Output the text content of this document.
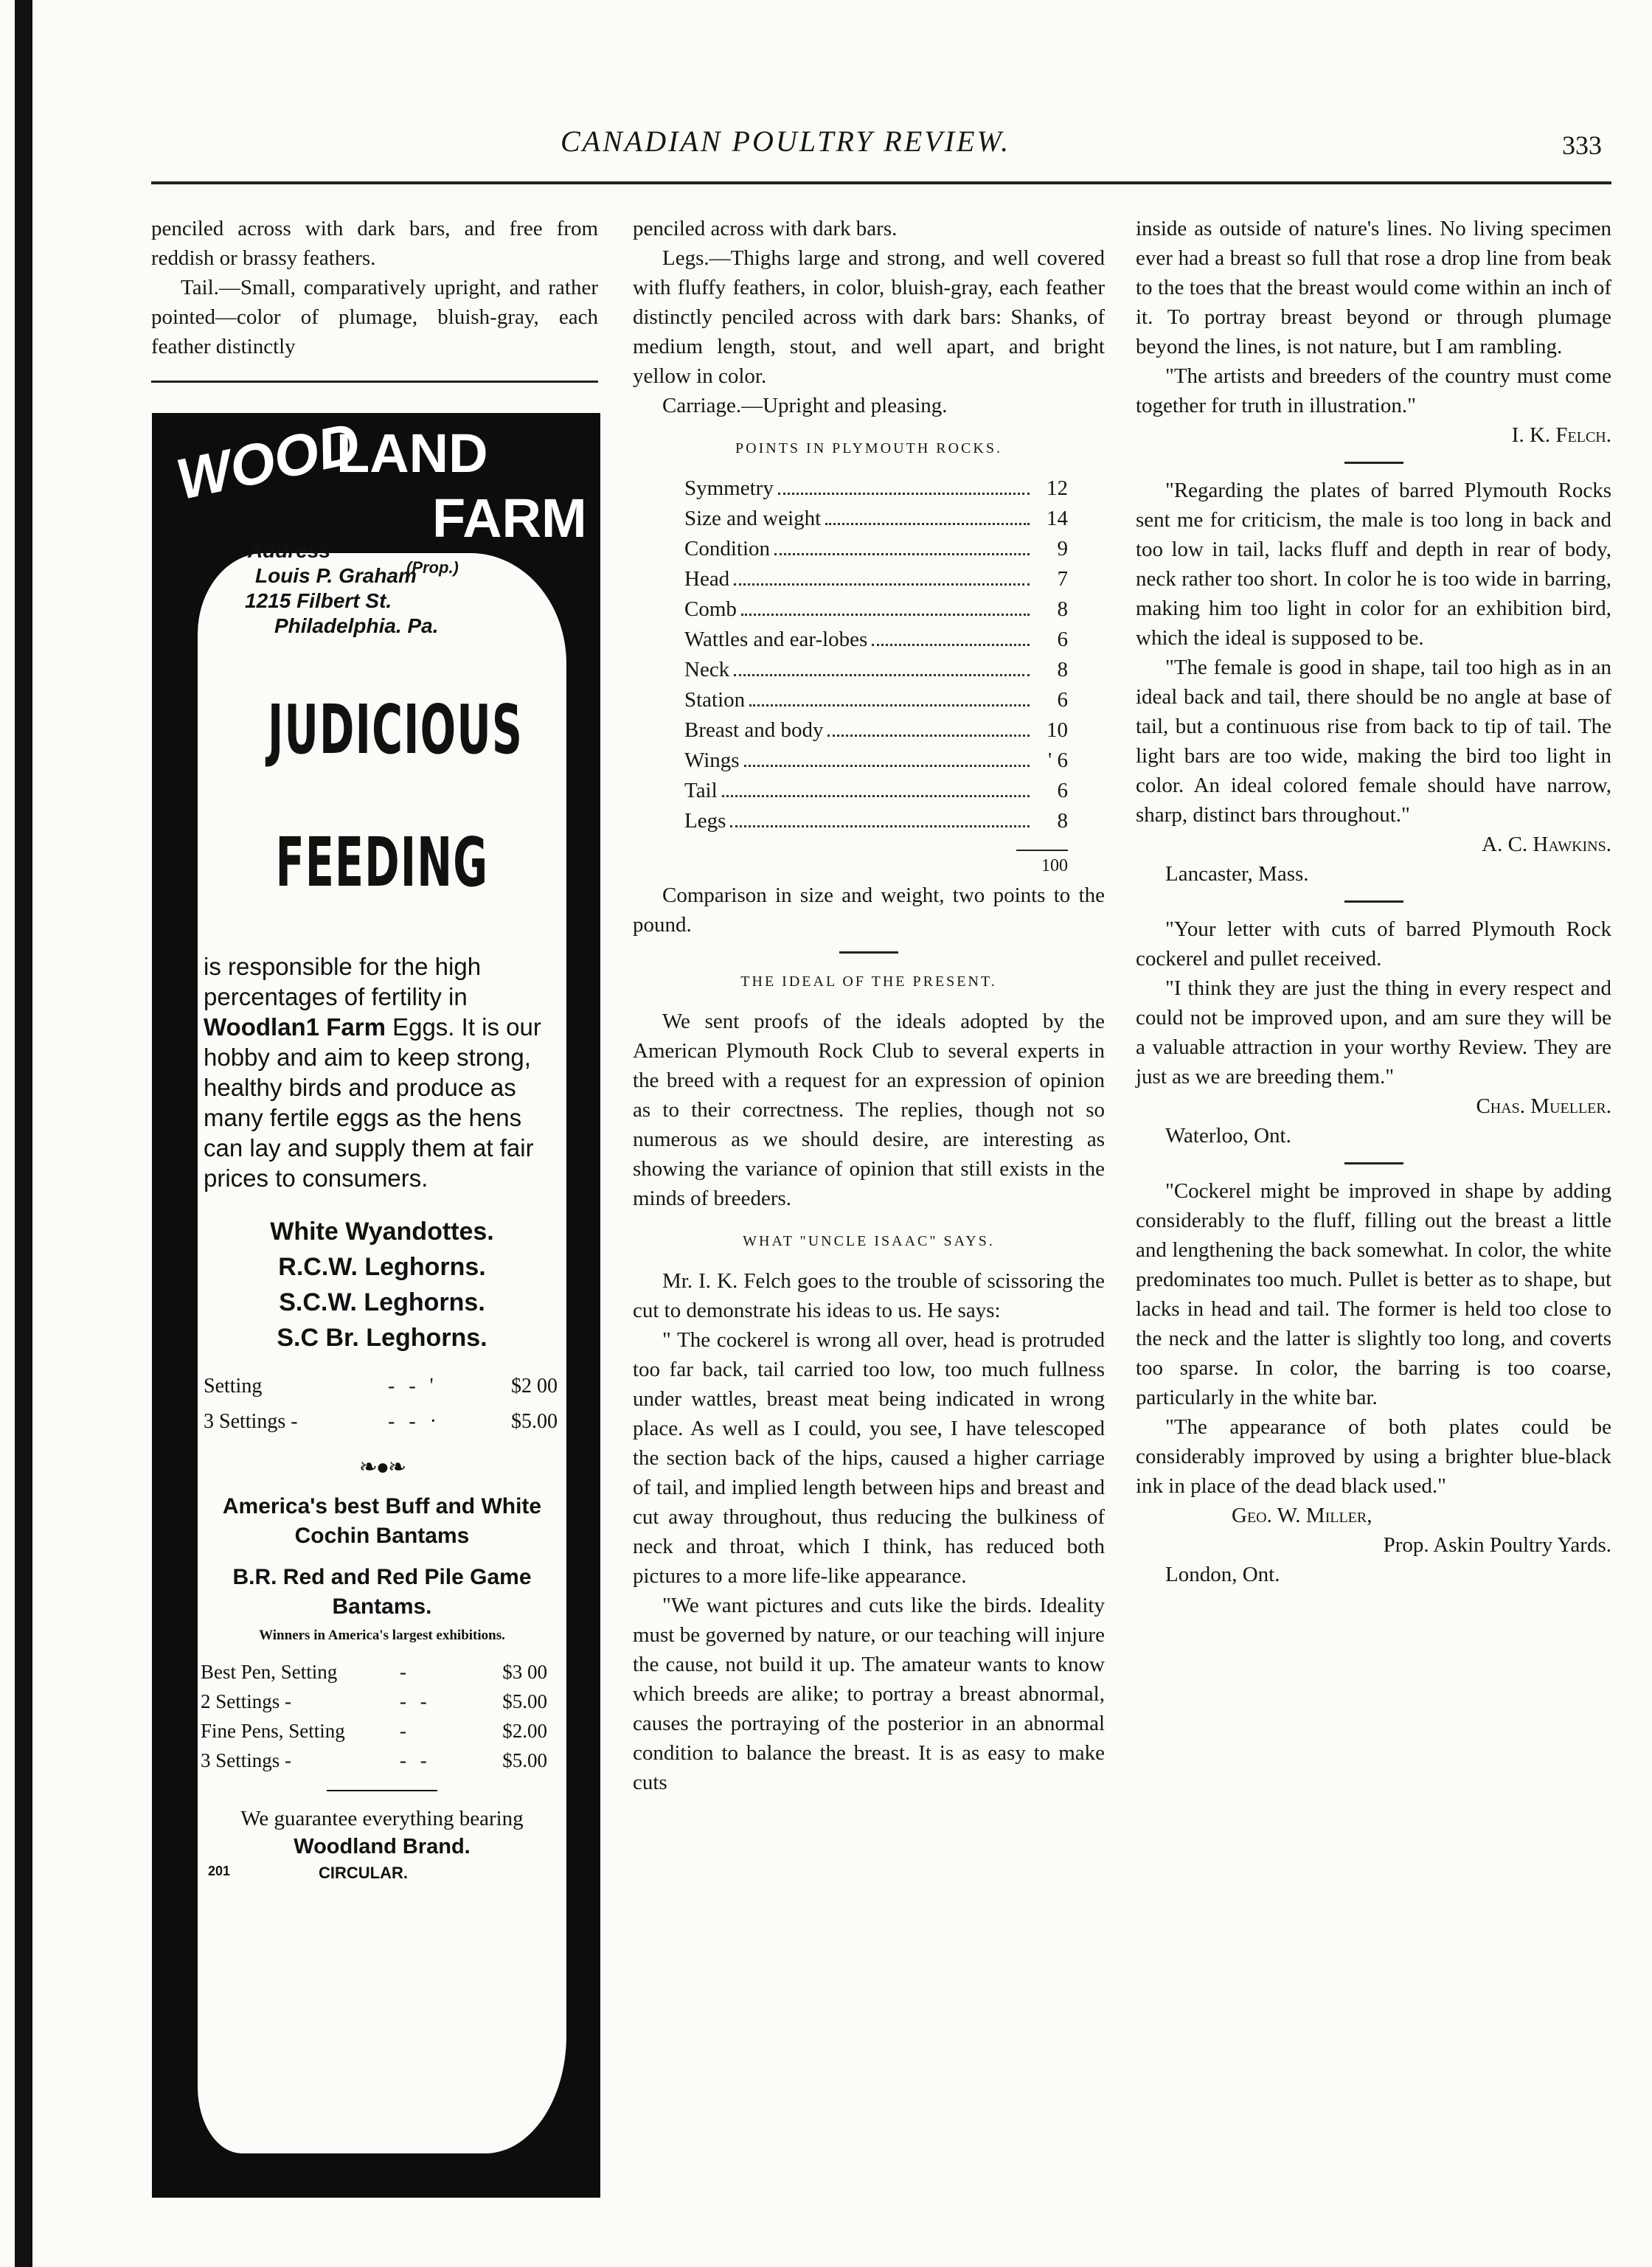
CANADIAN POULTRY REVIEW.	333

penciled across with dark bars, and free from reddish or brassy feathers.

Tail.—Small, comparatively upright, and rather pointed—color of plumage, bluish-gray, each feather distinctly

WOOD
LAND
FARM
Address
Louis P. Graham
1215 Filbert St.
Philadelphia. Pa.
(Prop.)
JUDICIOUS
FEEDING
is responsible for the high percentages of fertility in Woodlan1 Farm Eggs. It is our hobby and aim to keep strong, healthy birds and produce as many fertile eggs as the hens can lay and supply them at fair prices to consumers.
White Wyandottes.
R.C.W. Leghorns.
S.C.W. Leghorns.
S.C Br. Leghorns.
Setting	- - '	$2 00
3 Settings -	- - ·	$5.00
❧●❧
America's best Buff and White Cochin Bantams
B.R. Red and Red Pile Game Bantams.
Winners in America's largest exhibitions.
Best Pen, Setting	-	$3 00
2 Settings -	- -	$5.00
Fine Pens, Setting	-	$2.00
3 Settings -	- -	$5.00
We guarantee everything bearing Woodland Brand.
201	CIRCULAR.

penciled across with dark bars.

Legs.—Thighs large and strong, and well covered with fluffy feathers, in color, bluish-gray, each feather distinctly penciled across with dark bars: Shanks, of medium length, stout, and well apart, and bright yellow in color.

Carriage.—Upright and pleasing.

POINTS IN PLYMOUTH ROCKS.
Symmetry	12
Size and weight	14
Condition	9
Head	7
Comb	8
Wattles and ear-lobes	6
Neck	8
Station	6
Breast and body	10
Wings	' 6
Tail	6
Legs	8
100

Comparison in size and weight, two points to the pound.

THE IDEAL OF THE PRESENT.

We sent proofs of the ideals adopted by the American Plymouth Rock Club to several experts in the breed with a request for an expression of opinion as to their correctness. The replies, though not so numerous as we should desire, are interesting as showing the variance of opinion that still exists in the minds of breeders.

WHAT "UNCLE ISAAC" SAYS.

Mr. I. K. Felch goes to the trouble of scissoring the cut to demonstrate his ideas to us. He says:

" The cockerel is wrong all over, head is protruded too far back, tail carried too low, too much fullness under wattles, breast meat being indicated in wrong place. As well as I could, you see, I have telescoped the section back of the hips, caused a higher carriage of tail, and implied length between hips and breast and cut away throughout, thus reducing the bulkiness of neck and throat, which I think, has reduced both pictures to a more life-like appearance.

"We want pictures and cuts like the birds. Ideality must be governed by nature, or our teaching will injure the cause, not build it up. The amateur wants to know which breeds are alike; to portray a breast abnormal, causes the portraying of the posterior in an abnormal condition to balance the breast. It is as easy to make cuts

inside as outside of nature's lines. No living specimen ever had a breast so full that rose a drop line from beak to the toes that the breast would come within an inch of it. To portray breast beyond or through plumage beyond the lines, is not nature, but I am rambling.

"The artists and breeders of the country must come together for truth in illustration."

I. K. Felch.

"Regarding the plates of barred Plymouth Rocks sent me for criticism, the male is too long in back and too low in tail, lacks fluff and depth in rear of body, neck rather too short. In color he is too wide in barring, making him too light in color for an exhibition bird, which the ideal is supposed to be.

"The female is good in shape, tail too high as in an ideal back and tail, there should be no angle at base of tail, but a continuous rise from back to tip of tail. The light bars are too wide, making the bird too light in color. An ideal colored female should have narrow, sharp, distinct bars throughout."

A. C. Hawkins.

Lancaster, Mass.

"Your letter with cuts of barred Plymouth Rock cockerel and pullet received.

"I think they are just the thing in every respect and could not be improved upon, and am sure they will be a valuable attraction in your worthy Review. They are just as we are breeding them."

Chas. Mueller.

Waterloo, Ont.

"Cockerel might be improved in shape by adding considerably to the fluff, filling out the breast a little and lengthening the back somewhat. In color, the white predominates too much. Pullet is better as to shape, but lacks in head and tail. The former is held too close to the neck and the latter is slightly too long, and coverts too sparse. In color, the barring is too coarse, particularly in the white bar.

"The appearance of both plates could be considerably improved by using a brighter blue-black ink in place of the dead black used."

Geo. W. Miller,

Prop. Askin Poultry Yards.

London, Ont.
